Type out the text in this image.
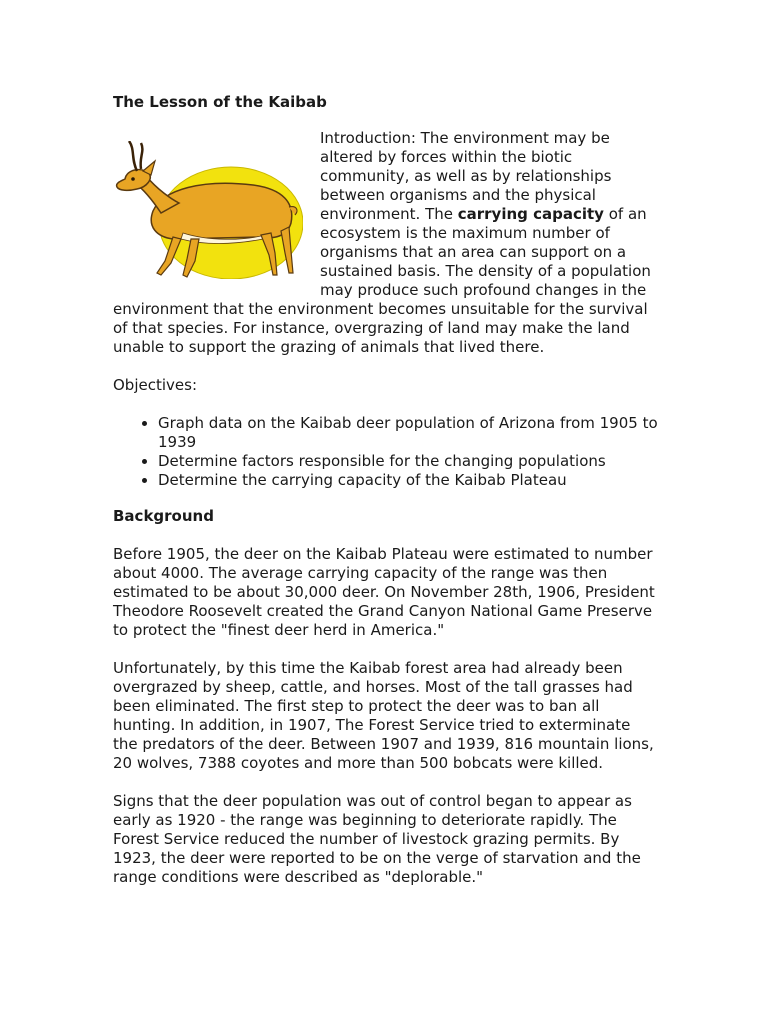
The Lesson of the Kaibab

Introduction: The environment may be altered by forces within the biotic community, as well as by relationships between organisms and the physical environment. The carrying capacity of an ecosystem is the maximum number of organisms that an area can support on a sustained basis. The density of a population may produce such profound changes in the environment that the environment becomes unsuitable for the survival of that species. For instance, overgrazing of land may make the land unable to support the grazing of animals that lived there.

Objectives:

• Graph data on the Kaibab deer population of Arizona from 1905 to 1939
• Determine factors responsible for the changing populations
• Determine the carrying capacity of the Kaibab Plateau
Background

Before 1905, the deer on the Kaibab Plateau were estimated to number about 4000. The average carrying capacity of the range was then estimated to be about 30,000 deer. On November 28th, 1906, President Theodore Roosevelt created the Grand Canyon National Game Preserve to protect the "finest deer herd in America."

Unfortunately, by this time the Kaibab forest area had already been overgrazed by sheep, cattle, and horses. Most of the tall grasses had been eliminated. The first step to protect the deer was to ban all hunting. In addition, in 1907, The Forest Service tried to exterminate the predators of the deer. Between 1907 and 1939, 816 mountain lions, 20 wolves, 7388 coyotes and more than 500 bobcats were killed.

Signs that the deer population was out of control began to appear as early as 1920 - the range was beginning to deteriorate rapidly. The Forest Service reduced the number of livestock grazing permits. By 1923, the deer were reported to be on the verge of starvation and the range conditions were described as "deplorable."
